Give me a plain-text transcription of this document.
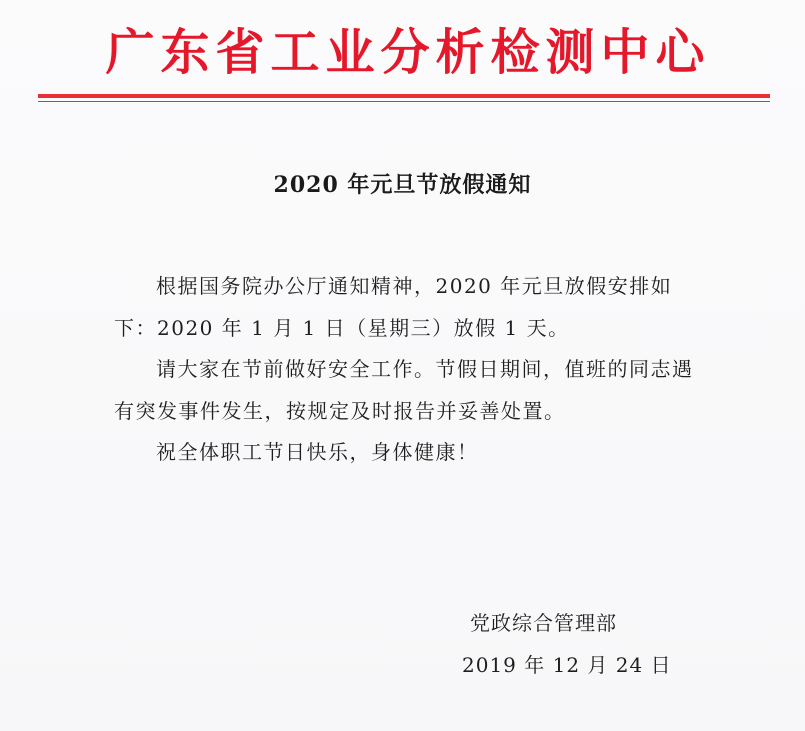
广东省工业分析检测中心
2020 年元旦节放假通知

根据国务院办公厅通知精神，2020 年元旦放假安排如下：2020 年 1 月 1 日（星期三）放假 1 天。

请大家在节前做好安全工作。节假日期间，值班的同志遇有突发事件发生，按规定及时报告并妥善处置。

祝全体职工节日快乐，身体健康！

党政综合管理部
2019 年 12 月 24 日
